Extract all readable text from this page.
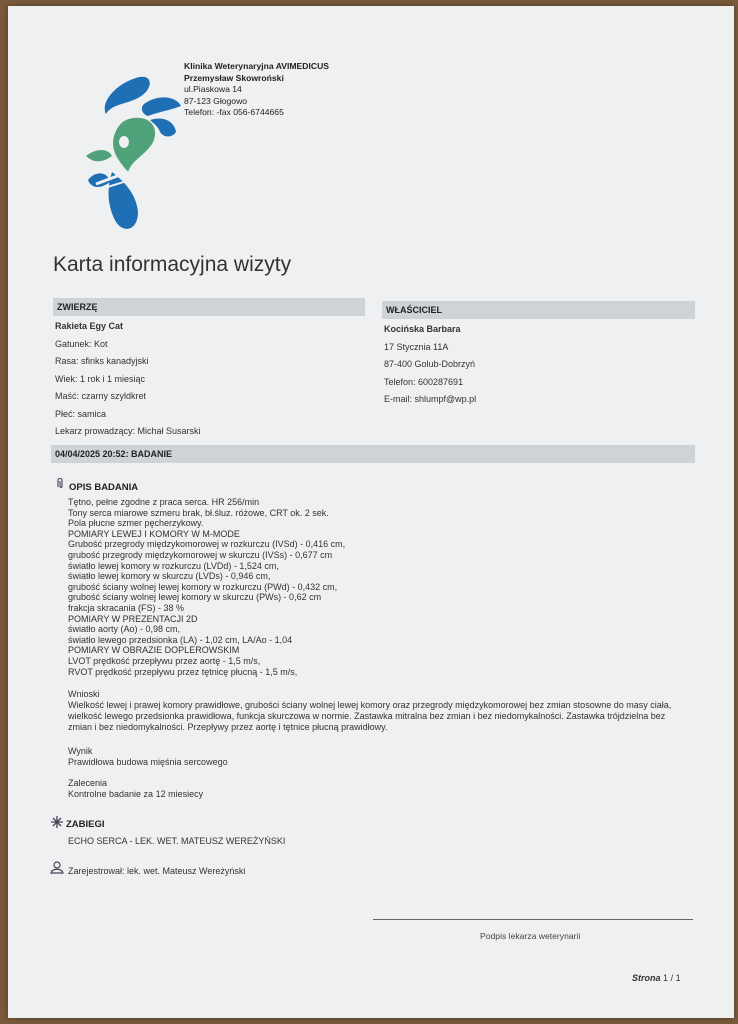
Klinika Weterynaryjna AVIMEDICUS
Przemysław Skowroński
ul.Piaskowa 14
87-123 Głogowo
Telefon: -fax 056-6744665
Karta informacyjna wizyty
ZWIERZĘ	WŁAŚCICIEL
Rakieta Egy Cat
Gatunek: Kot
Rasa: sfinks kanadyjski
Wiek: 1 rok i 1 miesiąc
Maść: czarny szyldkret
Płeć: samica
Lekarz prowadzący: Michał Susarski
Kocińska Barbara
17 Stycznia 11A
87-400 Golub-Dobrzyń
Telefon: 600287691
E-mail: shlumpf@wp.pl
04/04/2025 20:52: BADANIE
OPIS BADANIA
Tętno, pełne zgodne z praca serca. HR 256/min
Tony serca miarowe szmeru brak, bł.śluz. różowe, CRT ok. 2 sek.
Pola płucne szmer pęcherzykowy.
POMIARY LEWEJ I KOMORY W M-MODE
Grubość przegrody międzykomorowej w rozkurczu (IVSd) - 0,416 cm,
grubość przegrody międzykomorowej w skurczu (IVSs) - 0,677 cm
światło lewej komory w rozkurczu (LVDd) - 1,524 cm,
światło lewej komory w skurczu (LVDs) - 0,946 cm,
grubość ściany wolnej lewej komory w rozkurczu (PWd) - 0,432 cm,
grubość ściany wolnej lewej komory w skurczu (PWs) - 0,62 cm
frakcja skracania (FS) - 38 %
POMIARY W PREZENTACJI 2D
światło aorty (Ao) - 0,98 cm,
światło lewego przedsionka (LA) - 1,02 cm, LA/Ao - 1,04
POMIARY W OBRAZIE DOPLEROWSKIM
LVOT prędkość przepływu przez aortę - 1,5 m/s,
RVOT prędkość przepływu przez tętnicę płucną - 1,5 m/s,
Wnioski
Wielkość lewej i prawej komory prawidłowe, grubości ściany wolnej lewej komory oraz przegrody międzykomorowej bez zmian stosowne do masy ciała, wielkość lewego przedsionka prawidłowa, funkcja skurczowa w normie. Zastawka mitralna bez zmian i bez niedomykalności. Zastawka trójdzielna bez zmian i bez niedomykalności. Przepływy przez aortę i tętnice płucną prawidłowy.
Wynik
Prawidłowa budowa mięśnia sercowego
Zalecenia
Kontrolne badanie za 12 miesiecy
ZABIEGI
ECHO SERCA - LEK. WET. MATEUSZ WEREŻYŃSKI
Zarejestrował: lek. wet. Mateusz Wereżyński
Podpis lekarza weterynarii
Strona 1 / 1
